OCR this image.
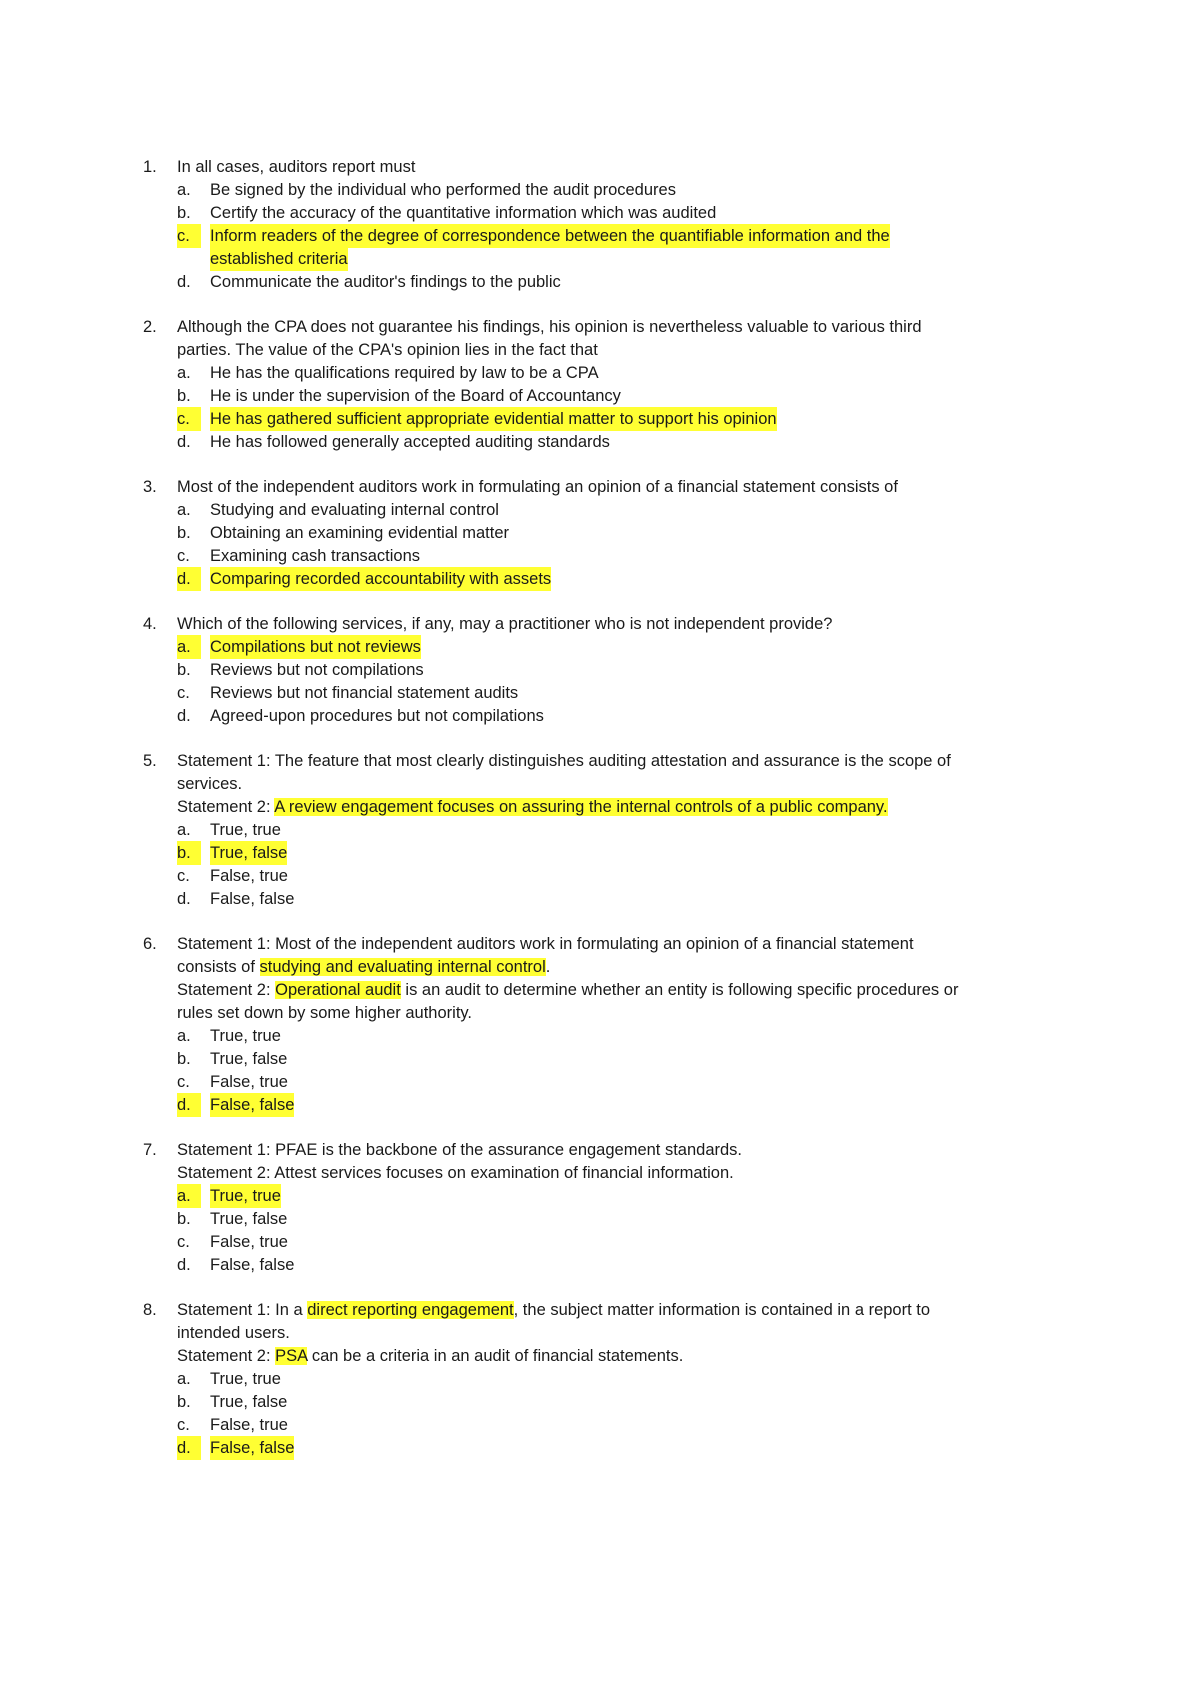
1. In all cases, auditors report must
a.	Be signed by the individual who performed the audit procedures
b.	Certify the accuracy of the quantitative information which was audited
c.	Inform readers of the degree of correspondence between the quantifiable information and the
established criteria
d.	Communicate the auditor's findings to the public
2. Although the CPA does not guarantee his findings, his opinion is nevertheless valuable to various third
parties. The value of the CPA's opinion lies in the fact that
a.	He has the qualifications required by law to be a CPA
b.	He is under the supervision of the Board of Accountancy
c.	He has gathered sufficient appropriate evidential matter to support his opinion
d.	He has followed generally accepted auditing standards
3. Most of the independent auditors work in formulating an opinion of a financial statement consists of
a.	Studying and evaluating internal control
b.	Obtaining an examining evidential matter
c.	Examining cash transactions
d.	Comparing recorded accountability with assets
4. Which of the following services, if any, may a practitioner who is not independent provide?
a.	Compilations but not reviews
b.	Reviews but not compilations
c.	Reviews but not financial statement audits
d.	Agreed-upon procedures but not compilations
5. Statement 1: The feature that most clearly distinguishes auditing attestation and assurance is the scope of
services.
Statement 2: A review engagement focuses on assuring the internal controls of a public company.
a.	True, true
b.	True, false
c.	False, true
d.	False, false
6. Statement 1: Most of the independent auditors work in formulating an opinion of a financial statement
consists of studying and evaluating internal control.
Statement 2: Operational audit is an audit to determine whether an entity is following specific procedures or
rules set down by some higher authority.
a.	True, true
b.	True, false
c.	False, true
d.	False, false
7. Statement 1: PFAE is the backbone of the assurance engagement standards.
Statement 2: Attest services focuses on examination of financial information.
a.	True, true
b.	True, false
c.	False, true
d.	False, false
8. Statement 1: In a direct reporting engagement, the subject matter information is contained in a report to
intended users.
Statement 2: PSA can be a criteria in an audit of financial statements.
a.	True, true
b.	True, false
c.	False, true
d.	False, false
